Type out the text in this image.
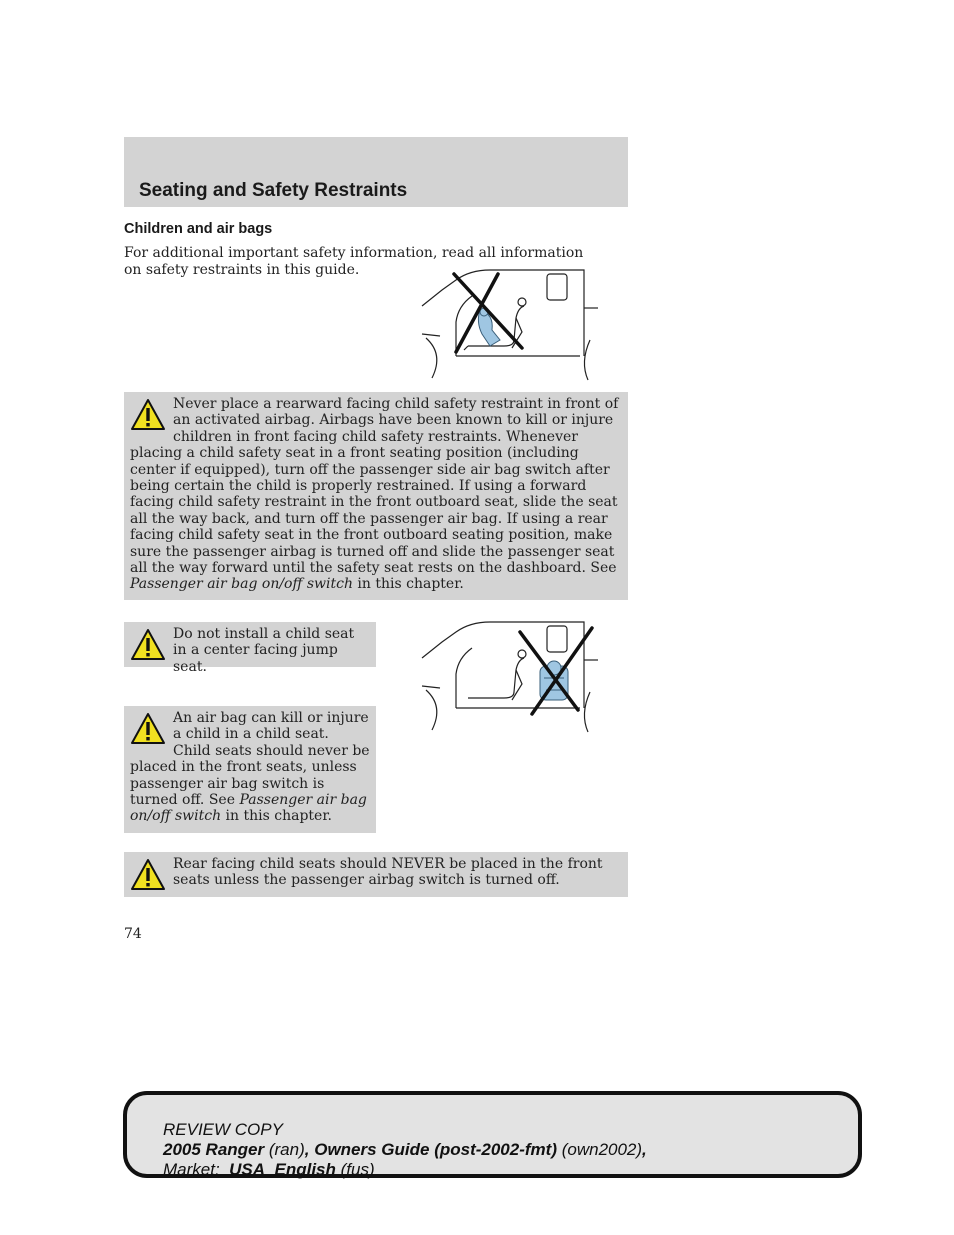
Seating and Safety Restraints
Children and air bags

For additional important safety information, read all information on safety restraints in this guide.

Never place a rearward facing child safety restraint in front of an activated airbag. Airbags have been known to kill or injure children in front facing child safety restraints. Whenever placing a child safety seat in a front seating position (including center if equipped), turn off the passenger side air bag switch after being certain the child is properly restrained. If using a forward facing child safety restraint in the front outboard seat, slide the seat all the way back, and turn off the passenger air bag. If using a rear facing child safety seat in the front outboard seating position, make sure the passenger airbag is turned off and slide the passenger seat all the way forward until the safety seat rests on the dashboard. See Passenger air bag on/off switch in this chapter.

Do not install a child seat in a center facing jump seat.

An air bag can kill or injure a child in a child seat. Child seats should never be placed in the front seats, unless passenger air bag switch is turned off. See Passenger air bag on/off switch in this chapter.

Rear facing child seats should NEVER be placed in the front seats unless the passenger airbag switch is turned off.

74
REVIEW COPY
2005 Ranger (ran), Owners Guide (post-2002-fmt) (own2002),
Market: USA_English (fus)
